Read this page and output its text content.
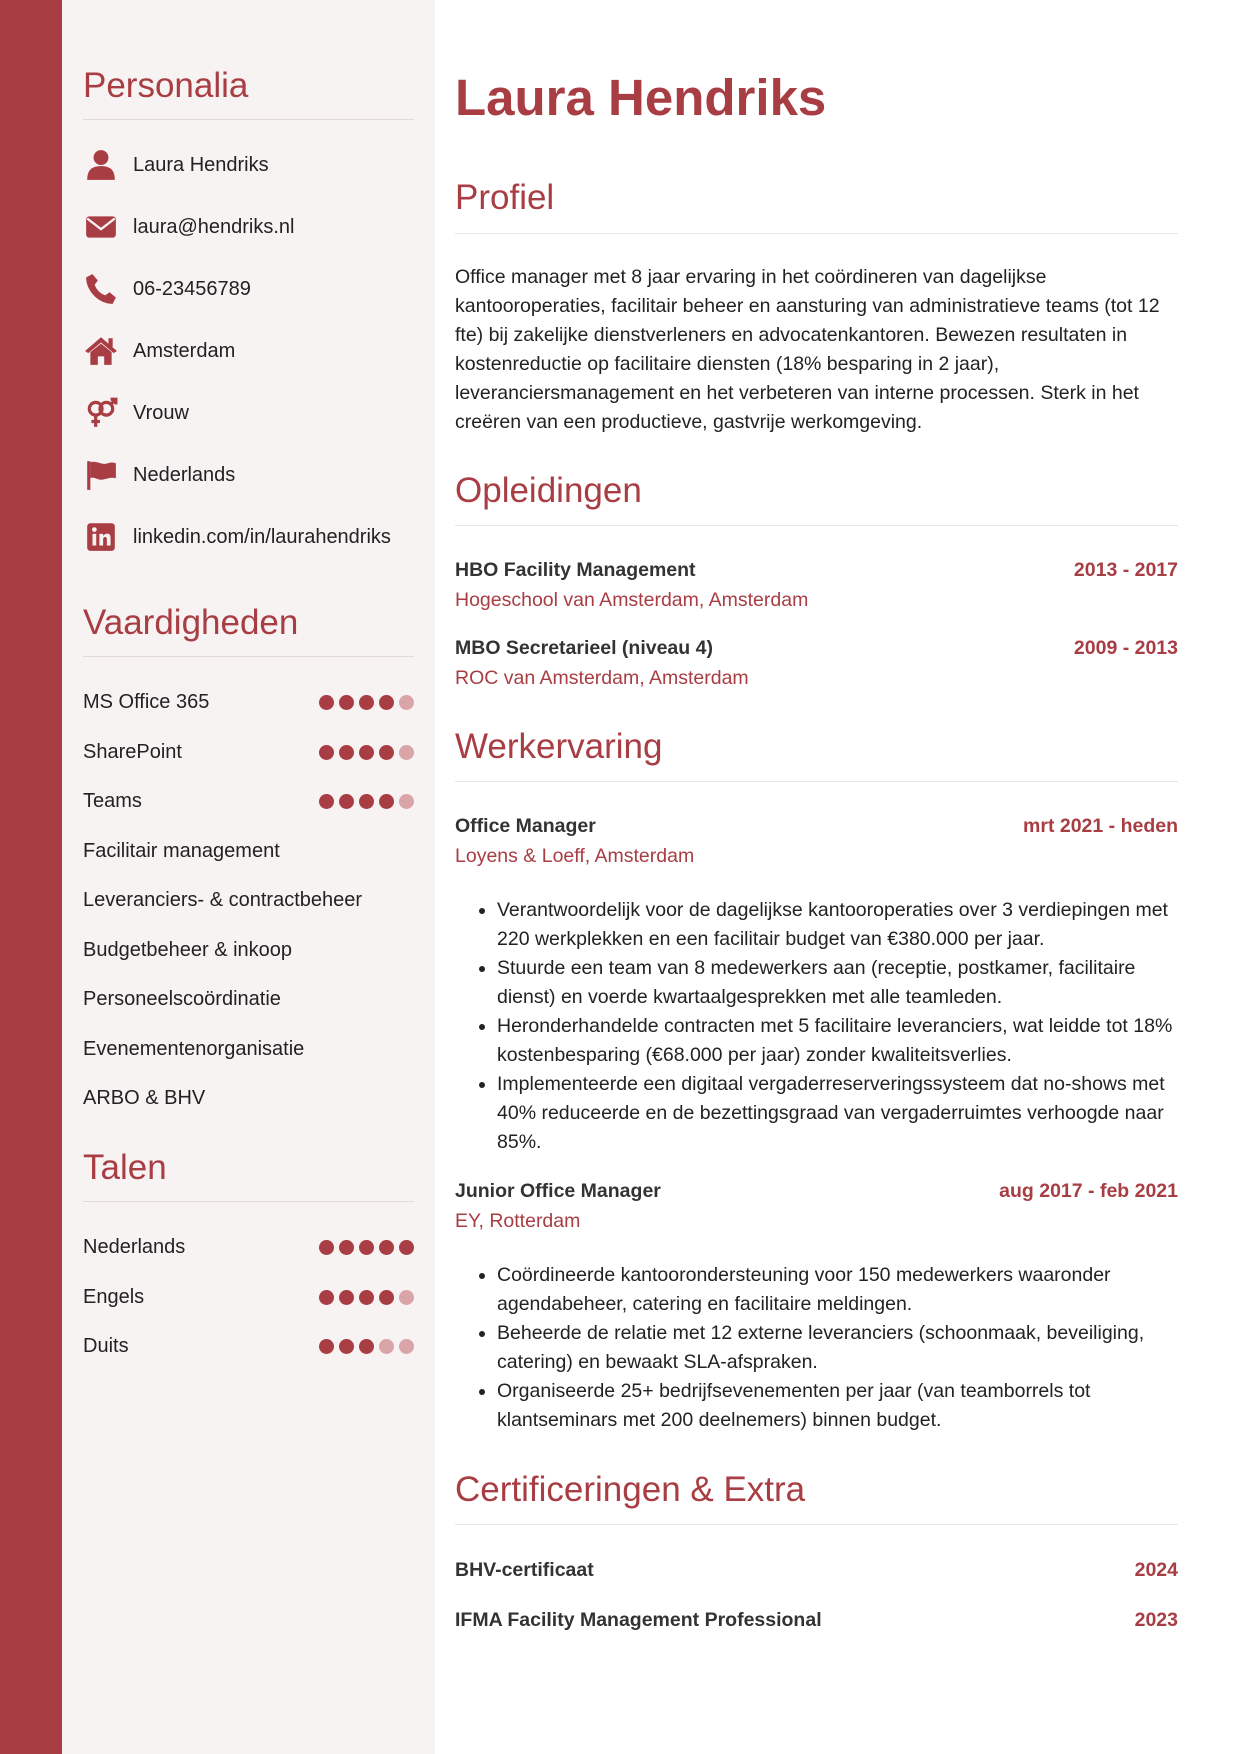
Personalia
Laura Hendriks
laura@hendriks.nl
06-23456789
Amsterdam
Vrouw
Nederlands
linkedin.com/in/laurahendriks
Vaardigheden
MS Office 365
SharePoint
Teams
Facilitair management
Leveranciers- & contractbeheer
Budgetbeheer & inkoop
Personeelscoördinatie
Evenementenorganisatie
ARBO & BHV
Talen
Nederlands
Engels
Duits
Laura Hendriks
Profiel

Office manager met 8 jaar ervaring in het coördineren van dagelijkse kantooroperaties, facilitair beheer en aansturing van administratieve teams (tot 12 fte) bij zakelijke dienstverleners en advocatenkantoren. Bewezen resultaten in kostenreductie op facilitaire diensten (18% besparing in 2 jaar), leveranciersmanagement en het verbeteren van interne processen. Sterk in het creëren van een productieve, gastvrije werkomgeving.

Opleidingen
HBO Facility Management	2013 - 2017
Hogeschool van Amsterdam, Amsterdam
MBO Secretarieel (niveau 4)	2009 - 2013
ROC van Amsterdam, Amsterdam
Werkervaring
Office Manager	mrt 2021 - heden
Loyens & Loeff, Amsterdam
• Verantwoordelijk voor de dagelijkse kantooroperaties over 3 verdiepingen met 220 werkplekken en een facilitair budget van €380.000 per jaar.
• Stuurde een team van 8 medewerkers aan (receptie, postkamer, facilitaire dienst) en voerde kwartaalgesprekken met alle teamleden.
• Heronderhandelde contracten met 5 facilitaire leveranciers, wat leidde tot 18% kostenbesparing (€68.000 per jaar) zonder kwaliteitsverlies.
• Implementeerde een digitaal vergaderreserveringssysteem dat no-shows met 40% reduceerde en de bezettingsgraad van vergaderruimtes verhoogde naar 85%.
Junior Office Manager	aug 2017 - feb 2021
EY, Rotterdam
• Coördineerde kantoorondersteuning voor 150 medewerkers waaronder agendabeheer, catering en facilitaire meldingen.
• Beheerde de relatie met 12 externe leveranciers (schoonmaak, beveiliging, catering) en bewaakt SLA-afspraken.
• Organiseerde 25+ bedrijfsevenementen per jaar (van teamborrels tot klantseminars met 200 deelnemers) binnen budget.
Certificeringen & Extra
BHV-certificaat	2024
IFMA Facility Management Professional	2023
